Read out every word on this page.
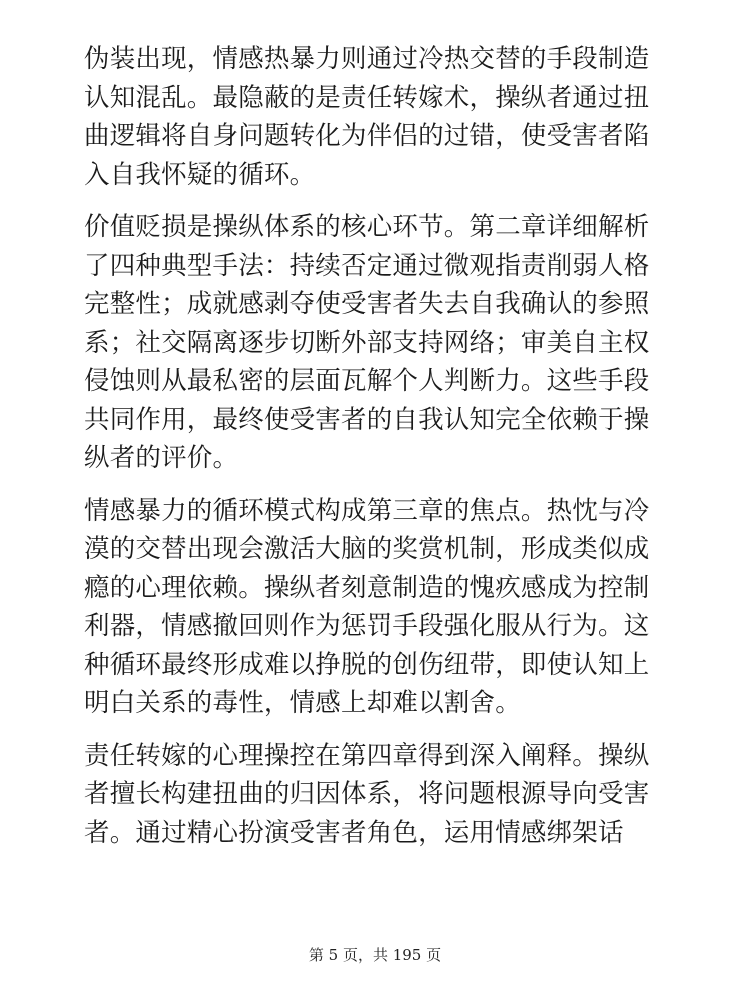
伪装出现，情感热暴力则通过冷热交替的手段制造
认知混乱。最隐蔽的是责任转嫁术，操纵者通过扭
曲逻辑将自身问题转化为伴侣的过错，使受害者陷
入自我怀疑的循环。

价值贬损是操纵体系的核心环节。第二章详细解析
了四种典型手法：持续否定通过微观指责削弱人格
完整性；成就感剥夺使受害者失去自我确认的参照
系；社交隔离逐步切断外部支持网络；审美自主权
侵蚀则从最私密的层面瓦解个人判断力。这些手段
共同作用，最终使受害者的自我认知完全依赖于操
纵者的评价。

情感暴力的循环模式构成第三章的焦点。热忱与冷
漠的交替出现会激活大脑的奖赏机制，形成类似成
瘾的心理依赖。操纵者刻意制造的愧疚感成为控制
利器，情感撤回则作为惩罚手段强化服从行为。这
种循环最终形成难以挣脱的创伤纽带，即使认知上
明白关系的毒性，情感上却难以割舍。

责任转嫁的心理操控在第四章得到深入阐释。操纵
者擅长构建扭曲的归因体系，将问题根源导向受害
者。通过精心扮演受害者角色，运用情感绑架话

第 5 页，共 195 页
